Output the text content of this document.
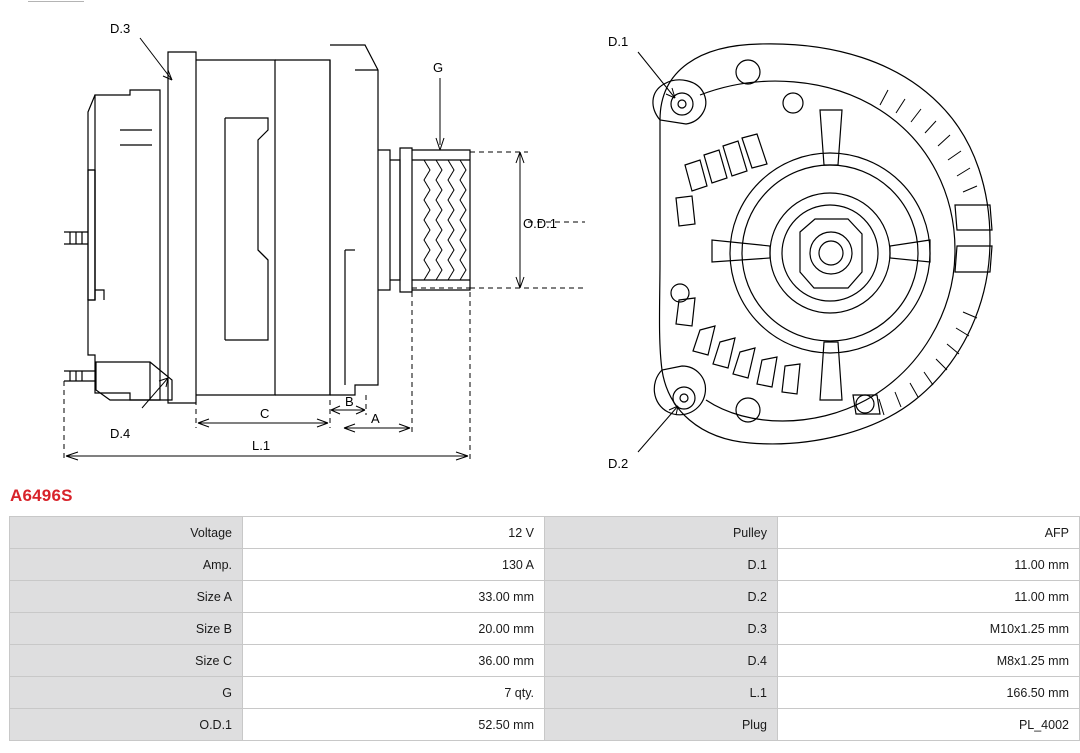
D.3
D.4
G
O.D.1
C
B
A
L.1
D.1
D.2
A6496S
Voltage	12 V	Pulley	AFP
Amp.	130 A	D.1	11.00 mm
Size A	33.00 mm	D.2	11.00 mm
Size B	20.00 mm	D.3	M10x1.25 mm
Size C	36.00 mm	D.4	M8x1.25 mm
G	7 qty.	L.1	166.50 mm
O.D.1	52.50 mm	Plug	PL_4002
